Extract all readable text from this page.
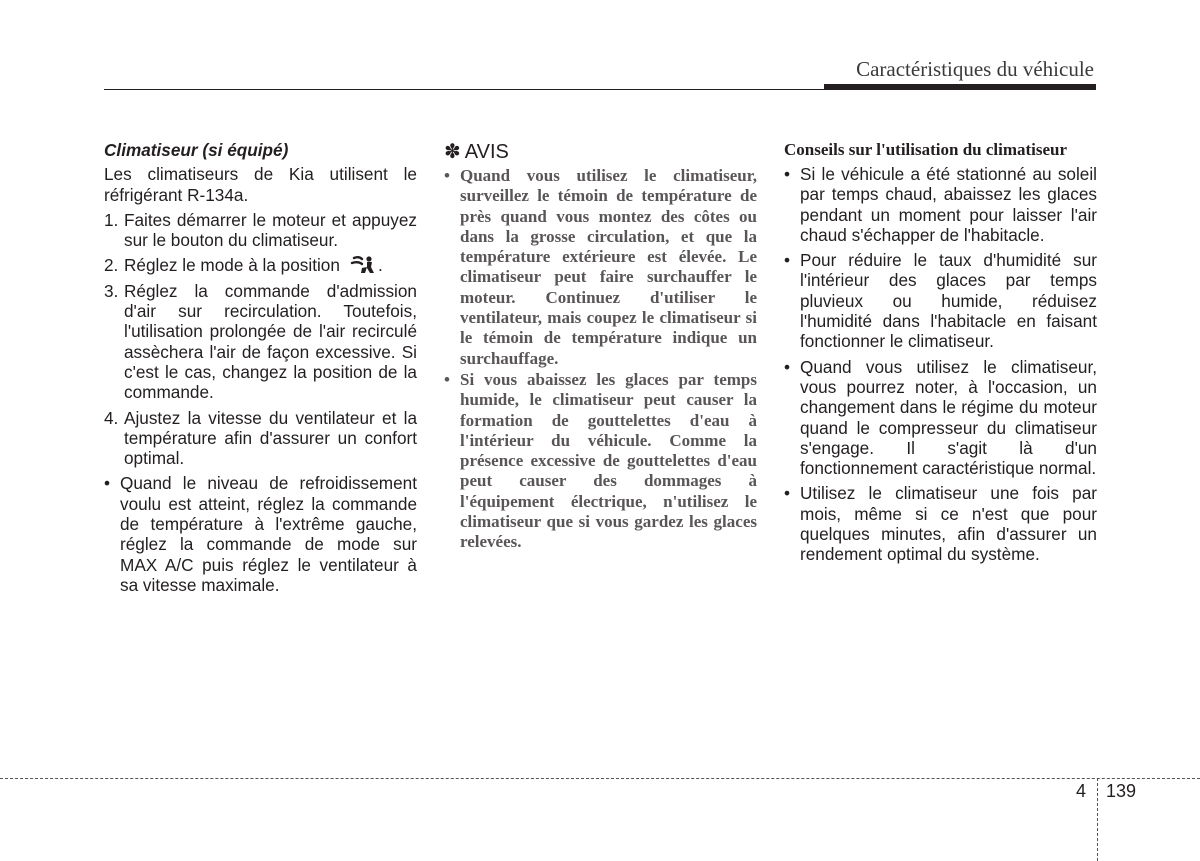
Caractéristiques du véhicule

Climatiseur (si équipé)

Les climatiseurs de Kia utilisent le réfrigérant R-134a.

1. Faites démarrer le moteur et appuyez sur le bouton du climatiseur.
2. Réglez le mode à la position .
3. Réglez la commande d'admission d'air sur recirculation. Toutefois, l'utilisation prolongée de l'air recirculé assèchera l'air de façon excessive. Si c'est le cas, changez la position de la commande.
4. Ajustez la vitesse du ventilateur et la température afin d'assurer un confort optimal.
• Quand le niveau de refroidissement voulu est atteint, réglez la commande de température à l'extrême gauche, réglez la commande de mode sur MAX A/C puis réglez le ventilateur à sa vitesse maximale.
✽ AVIS
• Quand vous utilisez le climatiseur, surveillez le témoin de température de près quand vous montez des côtes ou dans la grosse circulation, et que la température extérieure est élevée. Le climatiseur peut faire surchauffer le moteur. Continuez d'utiliser le ventilateur, mais coupez le climatiseur si le témoin de température indique un surchauffage.
• Si vous abaissez les glaces par temps humide, le climatiseur peut causer la formation de gouttelettes d'eau à l'intérieur du véhicule. Comme la présence excessive de gouttelettes d'eau peut causer des dommages à l'équipement électrique, n'utilisez le climatiseur que si vous gardez les glaces relevées.

Conseils sur l'utilisation du climatiseur

• Si le véhicule a été stationné au soleil par temps chaud, abaissez les glaces pendant un moment pour laisser l'air chaud s'échapper de l'habitacle.
• Pour réduire le taux d'humidité sur l'intérieur des glaces par temps pluvieux ou humide, réduisez l'humidité dans l'habitacle en faisant fonctionner le climatiseur.
• Quand vous utilisez le climatiseur, vous pourrez noter, à l'occasion, un changement dans le régime du moteur quand le compresseur du climatiseur s'engage. Il s'agit là d'un fonctionnement caractéristique normal.
• Utilisez le climatiseur une fois par mois, même si ce n'est que pour quelques minutes, afin d'assurer un rendement optimal du système.
4 139
